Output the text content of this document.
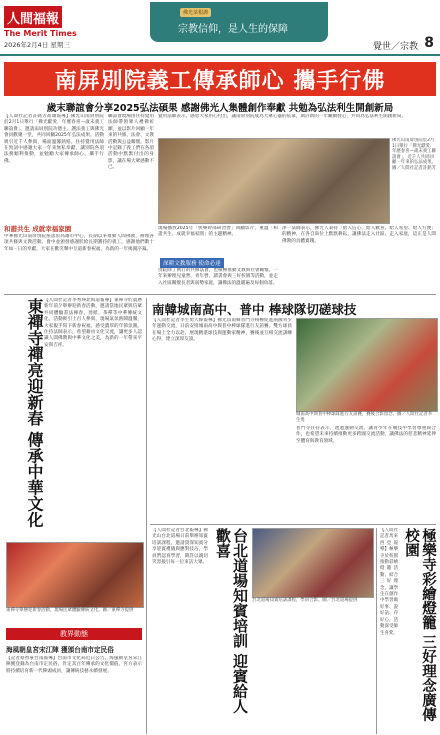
人間福報
The Merit Times
2026年2月4日 星期三
佛光菜根譚
宗教信仰，是人生的保障
覺世／宗教 8
南屏別院義工傳承師心 攜手行佛
歲末聯誼會分享2025弘法碩果 感謝佛光人集體創作奉獻 共勉為弘法利生開創新局
【人間社記者許銘芳高雄報導】佛光山南屏別院於2月1日舉行「佛光獻愛．年歷春喜—歲末義工聯誼會」，邀請南屏別院功德主、護法義工與佛光會員歡聚一堂，共同回顧2025年弘法成果。活動吸引近千人參與，場面溫馨熱絡。住持覺用法師在致詞中感謝大家一年來無私奉獻，讓別院各項法務順利推動，並勉勵大家傳承師心、攜手行佛。
聯誼會現場由住持覺用法師帶領眾人禮佛祈願，並以影片回顧一年來的共修、法會、文教活動與公益關懷。影片中記錄了義工們在各項活動中默默付出的身影，讓在場大眾感動不已。
佛光山南屏別院於2月1日舉行「佛光獻愛．年歷春喜—歲末義工聯誼會」，近千人共同回顧一年來的弘法成果。圖／人間社記者許銘芳
覺用法師表示，感恩大家用心付出，讓南屏別院成為大眾心靈的依靠，期許新的一年繼續發心，共同為弘法利生開創新局。
和諧共生 成就幸福家園
中華佛光山南屏別院座落於高雄市中心，長期以來推動人間佛教，辦理各項共修與文教活動。會中並頒發感謝狀給長期護持的義工，感謝他們數十年如一日的奉獻。大家在歡笑聲中互道新春祝福，為新的一年揭開序幕。
現場播放2025年「快樂幹部研習營」回顧影片，重溫「和諧共生、成就幸福家園」的主題精神。
淨一法師表示，佛光人秉持「給人信心、給人歡喜、給人希望、給人方便」的精神，在各自崗位上默默耕耘，讓佛法走入社區、走入家庭，這正是人間佛教的具體實踐。
深耕文教服務 使命必達
別院除了例行的共修法會，也積極推動文教與社會關懷。一年來辦理兒童營、青年營、讀書會與三好校園等活動，並走入社區關懷長者與弱勢家庭，讓佛法的溫暖遍及每個角落。
東禪寺禪亮迎新春 傳承中華文化 【人間社記者李秀瑛北海道報導】東禪寺於農曆新年前夕舉辦迎新春活動，邀請當地民眾與信眾共同體驗書法揮春、剪紙、茶禪等中華傳統文化。活動吸引上百人參與，現場氣氛熱鬧溫馨，大家親手寫下新春祝福，感受濃厚的年節氛圍。住持法師表示，希望藉由文化交流，讓更多人認識人間佛教與中華文化之美，為新的一年帶來平安與吉祥。
東禪寺舉辦迎新春活動，現場民眾體驗傳統文化。圖／東禪寺提供
教界動態
海風朝皇宮宋江陣 獲頒台南市定民俗
【記者蔡智豪台南報導】台南市文化局近日公告，海風朝皇宮宋江陣獲登錄為台南市定民俗，肯定其百年傳承的文化價值。宮方表示將持續培育新一代陣頭成員，讓傳統技藝永續發展。
南韓城南高中、普中 棒球隊切磋球技
【人間社記者李生勇大韓報導】佛光山南韓普門寺積極促進兩國青少年運動交流，日前安排城南高中與普中棒球隊進行友誼賽。雙方球員在場上全力以赴，展現精湛球技與運動家精神，賽後並互相交流訓練心得，建立深厚友誼。
城南高中與普中棒球隊進行友誼賽，賽後合影留念。圖／人間社記者李生勇
普門寺住持表示，透過運動交流，讓青少年在競技中學習尊重與合作，也希望未來持續推動更多跨國交流活動，讓佛法的慈悲精神延伸至體育與教育領域。
台北道場知賓培訓 迎賓給人歡喜
【人間社記者台北報導】佛光山台北道場日前舉辦知賓培訓課程，邀請資深知賓分享迎賓禮儀與應對技巧，學員們認真學習，期許以親切笑容接引每一位來訪大眾。
台北道場知賓培訓課程，學員合影。圖／台北道場提供	極樂寺彩繪燈籠 三好理念廣傳校園
【人間社記者馬來西亞報導】極樂寺於校園推動彩繪燈籠活動，結合三好理念，讓學生在創作中學習做好事、說好話、存好心，活動深受師生喜愛。
